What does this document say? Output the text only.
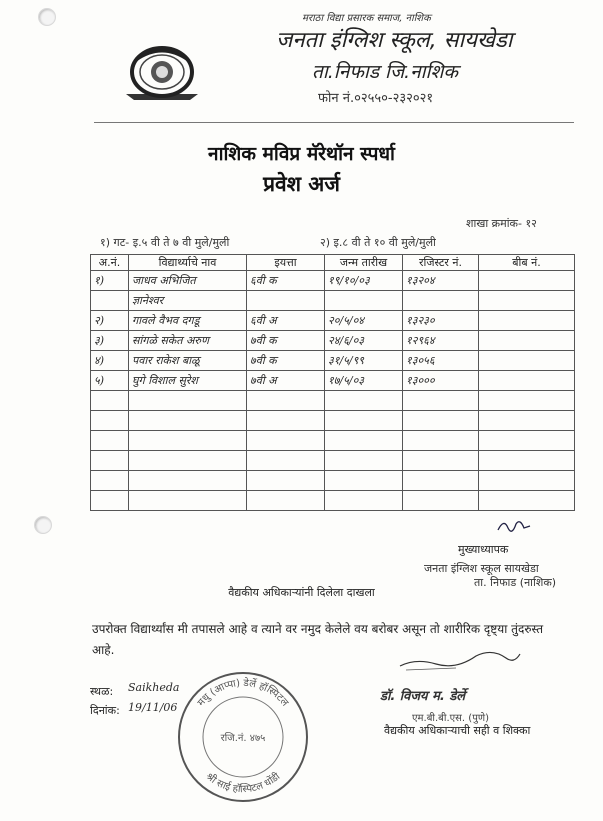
मराठा विद्या प्रसारक समाज, नाशिक
जनता इंग्लिश स्कूल, सायखेडा
ता.निफाड जि.नाशिक
फोन नं.०२५५०-२३२०२१
नाशिक मविप्र मॅरेथॉन स्पर्धा
प्रवेश अर्ज
शाखा क्रमांक- १२
१) गट- इ.५ वी ते ७ वी मुले/मुली	२) इ.८ वी ते १० वी मुले/मुली
अ.नं.	विद्यार्थ्याचे नाव	इयत्ता	जन्म तारीख	रजिस्टर नं.	बीब नं.
१)	जाधव अभिजित	६वी क	१९/१०/०३	१३२०४	
	ज्ञानेश्वर				
२)	गावले वैभव दगडू	६वी अ	२०/५/०४	१३२३०	
३)	सांगळे सकेत अरुण	७वी क	२४/६/०३	१२९६४	
४)	पवार राकेश बाळू	७वी क	३१/५/९९	१३०५६	
५)	घुगे विशाल सुरेश	७वी अ	१७/५/०३	१३०००	

मुख्याध्यापक
जनता इंग्लिश स्कूल सायखेडा
ता. निफाड (नाशिक)
वैद्यकीय अधिकाऱ्यांनी दिलेला दाखला
उपरोक्त विद्यार्थ्यांस मी तपासले आहे व त्याने वर नमुद केलेले वय बरोबर असून तो शारीरिक दृष्ट्या तुंदरुस्त आहे.
स्थळ: Saikheda
दिनांक: 19/11/06 मधु (आप्पा) डेर्ले हॉस्पिटल
श्री साई हॉस्पिटल धोंडी
रजि.नं. ४७५
डॉ. विजय म. डेर्ले
एम.बी.बी.एस. (पुणे)
वैद्यकीय अधिकाऱ्याची सही व शिक्का
